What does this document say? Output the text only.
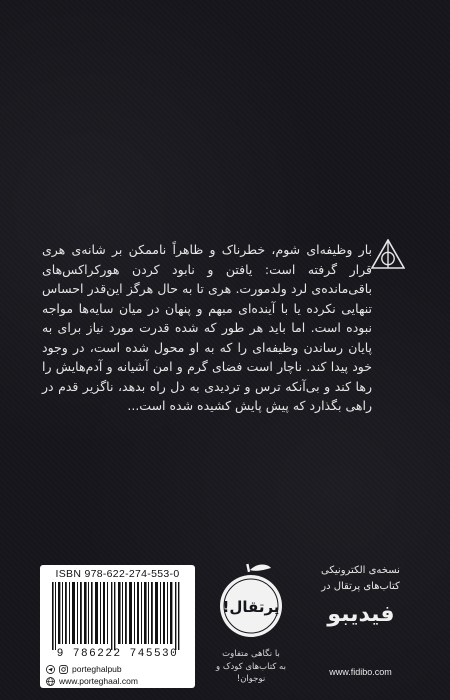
بار وظیفه‌ای شوم، خطرناک و ظاهراً ناممکن بر شانه‌ی هری قرار گرفته است: یافتن و نابود کردن هورکراکس‌های باقی‌مانده‌ی لرد ولدمورت. هری تا به حال هرگز این‌قدر احساس تنهایی نکرده یا با آینده‌ای مبهم و پنهان در میان سایه‌ها مواجه نبوده است. اما باید هر طور که شده قدرت مورد نیاز برای به پایان رساندن وظیفه‌ای را که به او محول شده است، در وجود خود پیدا کند. ناچار است فضای گرم و امن آشیانه و آدم‌هایش را رها کند و بی‌آنکه ترس و تردیدی به دل راه بدهد، ناگزیر قدم در راهی بگذارد که پیش پایش کشیده شده است...

ISBN 978-622-274-553-0
9 786222 745530
porteghalpub
www.porteghaal.com
پرتقال!
با نگاهی متفاوت
به کتاب‌های کودک و نوجوان!
نسخه‌ی الکترونیکی
کتاب‌های پرتقال در
فیدیبو
www.fidibo.com
